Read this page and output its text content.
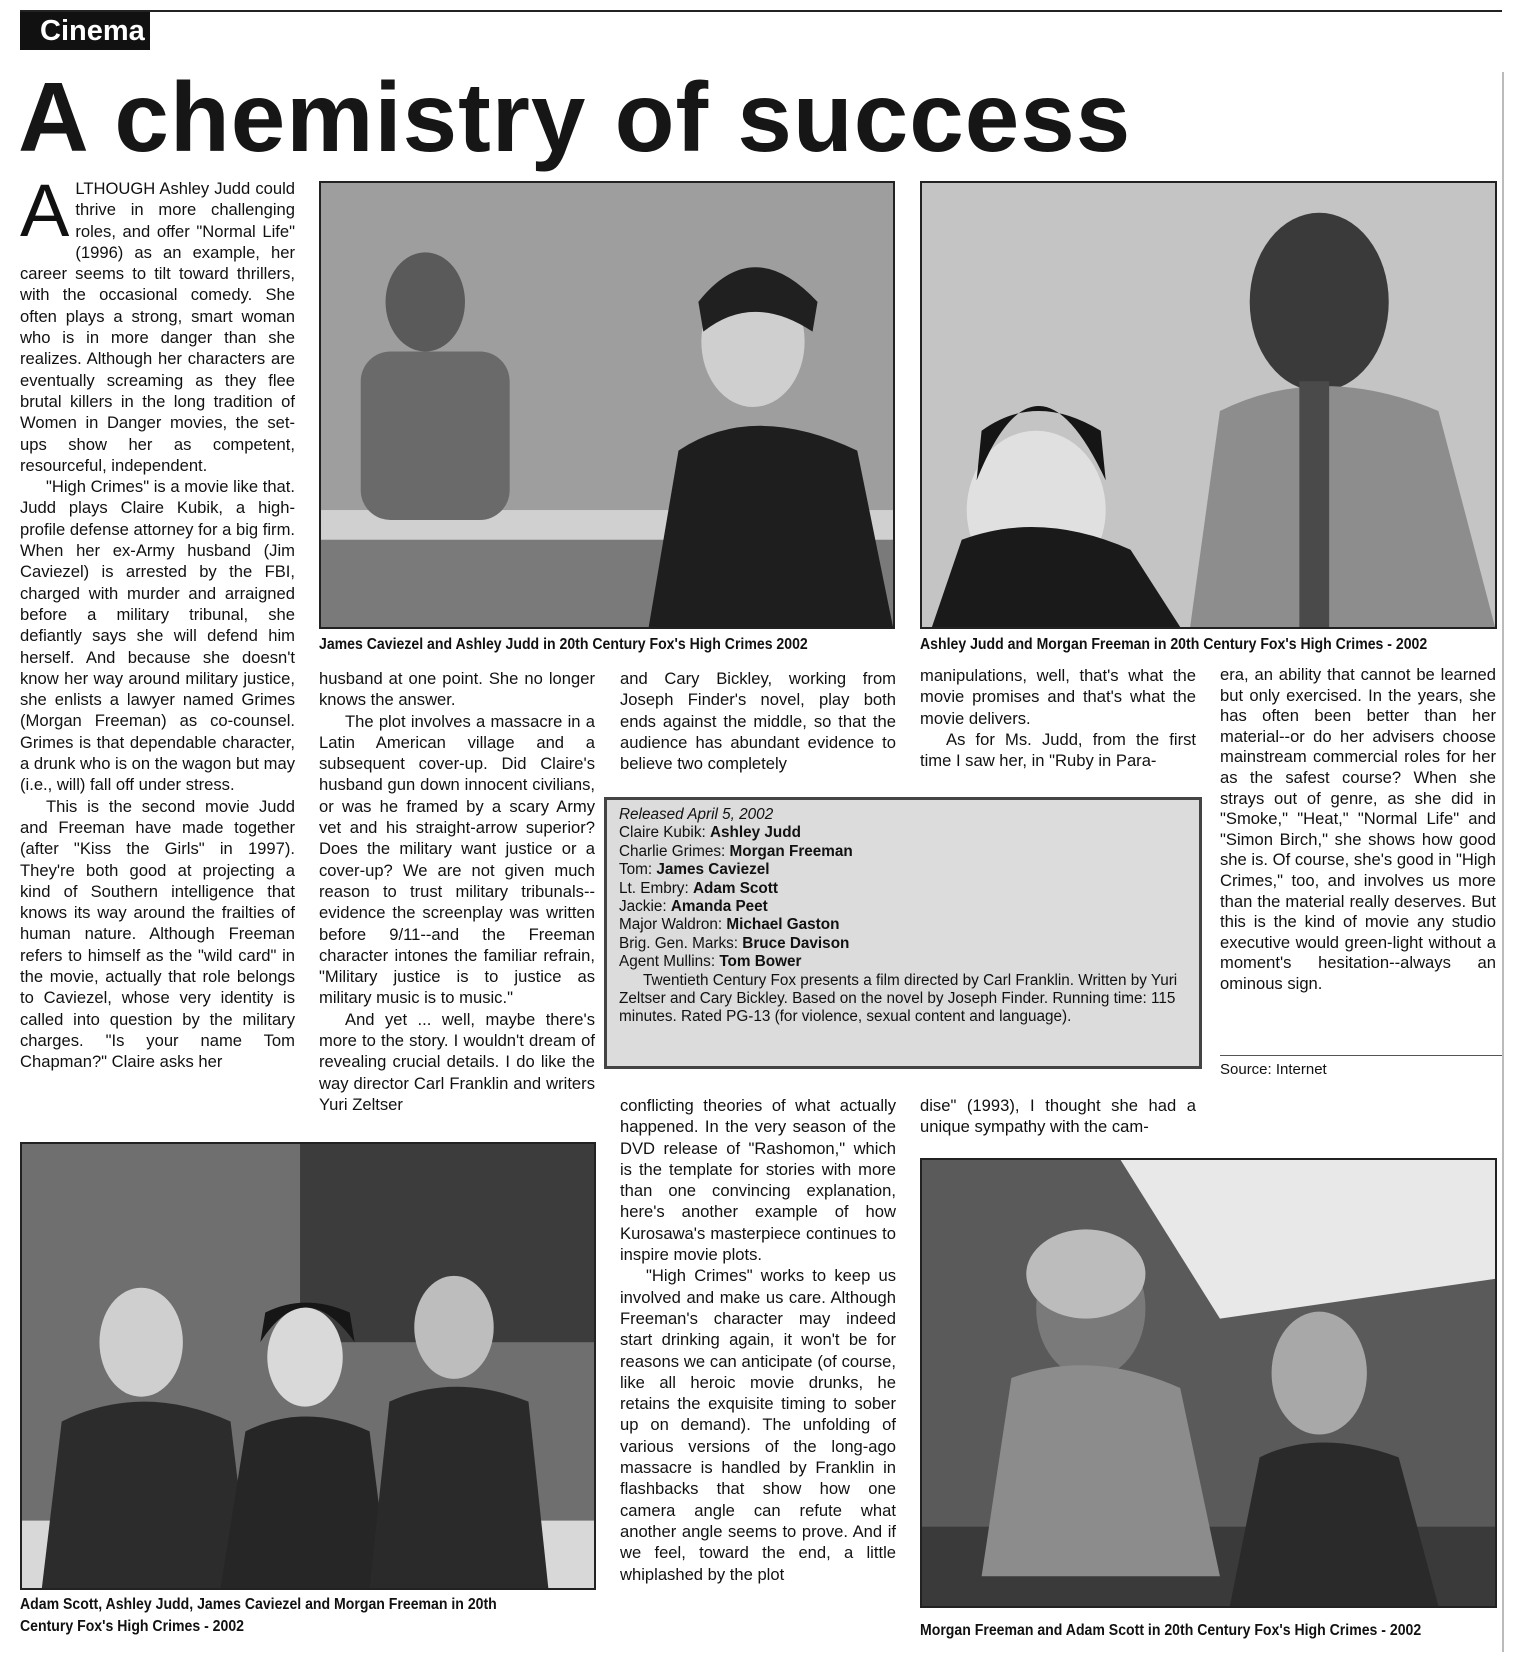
Cinema
A chemistry of success

ALTHOUGH Ashley Judd could thrive in more challenging roles, and offer "Normal Life" (1996) as an example, her career seems to tilt toward thrillers, with the occasional comedy. She often plays a strong, smart woman who is in more danger than she realizes. Although her characters are eventually screaming as they flee brutal killers in the long tradition of Women in Danger movies, the set-ups show her as competent, resourceful, independent.

"High Crimes" is a movie like that. Judd plays Claire Kubik, a high-profile defense attorney for a big firm. When her ex-Army husband (Jim Caviezel) is arrested by the FBI, charged with murder and arraigned before a military tribunal, she defiantly says she will defend him herself. And because she doesn't know her way around military justice, she enlists a lawyer named Grimes (Morgan Freeman) as co-counsel. Grimes is that dependable character, a drunk who is on the wagon but may (i.e., will) fall off under stress.

This is the second movie Judd and Freeman have made together (after "Kiss the Girls" in 1997). They're both good at projecting a kind of Southern intelligence that knows its way around the frailties of human nature. Although Freeman refers to himself as the "wild card" in the movie, actually that role belongs to Caviezel, whose very identity is called into question by the military charges. "Is your name Tom Chapman?" Claire asks her

James Caviezel and Ashley Judd in 20th Century Fox's High Crimes 2002	Ashley Judd and Morgan Freeman in 20th Century Fox's High Crimes - 2002

husband at one point. She no longer knows the answer.

The plot involves a massacre in a Latin American village and a subsequent cover-up. Did Claire's husband gun down innocent civilians, or was he framed by a scary Army vet and his straight-arrow superior? Does the military want justice or a cover-up? We are not given much reason to trust military tribunals--evidence the screenplay was written before 9/11--and the Freeman character intones the familiar refrain, "Military justice is to justice as military music is to music."

And yet ... well, maybe there's more to the story. I wouldn't dream of revealing crucial details. I do like the way director Carl Franklin and writers Yuri Zeltser

and Cary Bickley, working from Joseph Finder's novel, play both ends against the middle, so that the audience has abundant evidence to believe two completely

manipulations, well, that's what the movie promises and that's what the movie delivers.

As for Ms. Judd, from the first time I saw her, in "Ruby in Para-

era, an ability that cannot be learned but only exercised. In the years, she has often been better than her material--or do her advisers choose mainstream commercial roles for her as the safest course? When she strays out of genre, as she did in "Smoke," "Heat," "Normal Life" and "Simon Birch," she shows how good she is. Of course, she's good in "High Crimes," too, and involves us more than the material really deserves. But this is the kind of movie any studio executive would green-light without a moment's hesitation--always an ominous sign.

Released April 5, 2002

Claire Kubik: Ashley Judd

Charlie Grimes: Morgan Freeman

Tom: James Caviezel

Lt. Embry: Adam Scott

Jackie: Amanda Peet

Major Waldron: Michael Gaston

Brig. Gen. Marks: Bruce Davison

Agent Mullins: Tom Bower

Twentieth Century Fox presents a film directed by Carl Franklin. Written by Yuri Zeltser and Cary Bickley. Based on the novel by Joseph Finder. Running time: 115 minutes. Rated PG-13 (for violence, sexual content and language).

Source: Internet
Adam Scott, Ashley Judd, James Caviezel and Morgan Freeman in 20th
Century Fox's High Crimes - 2002

conflicting theories of what actually happened. In the very season of the DVD release of "Rashomon," which is the template for stories with more than one convincing explanation, here's another example of how Kurosawa's masterpiece continues to inspire movie plots.

"High Crimes" works to keep us involved and make us care. Although Freeman's character may indeed start drinking again, it won't be for reasons we can anticipate (of course, like all heroic movie drunks, he retains the exquisite timing to sober up on demand). The unfolding of various versions of the long-ago massacre is handled by Franklin in flashbacks that show how one camera angle can refute what another angle seems to prove. And if we feel, toward the end, a little whiplashed by the plot

dise" (1993), I thought she had a unique sympathy with the cam-

Morgan Freeman and Adam Scott in 20th Century Fox's High Crimes - 2002
